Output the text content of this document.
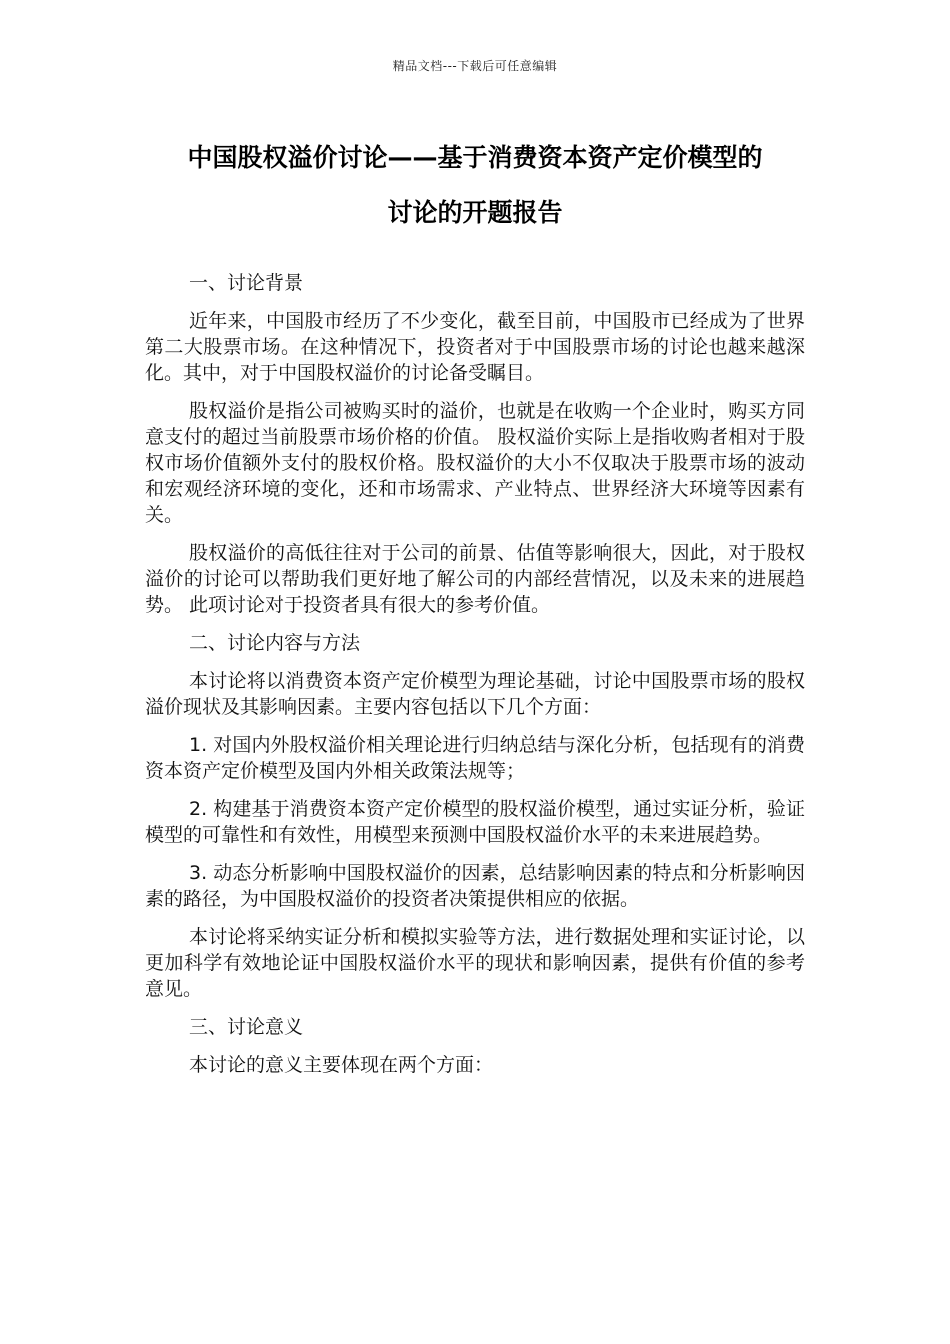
精品文档---下载后可任意编辑
中国股权溢价讨论——基于消费资本资产定价模型的
讨论的开题报告

一、讨论背景

近年来，中国股市经历了不少变化，截至目前，中国股市已经成为了世界第二大股票市场。在这种情况下，投资者对于中国股票市场的讨论也越来越深化。其中，对于中国股权溢价的讨论备受瞩目。

股权溢价是指公司被购买时的溢价，也就是在收购一个企业时，购买方同意支付的超过当前股票市场价格的价值。 股权溢价实际上是指收购者相对于股权市场价值额外支付的股权价格。股权溢价的大小不仅取决于股票市场的波动和宏观经济环境的变化，还和市场需求、产业特点、世界经济大环境等因素有关。

股权溢价的高低往往对于公司的前景、估值等影响很大，因此，对于股权溢价的讨论可以帮助我们更好地了解公司的内部经营情况，以及未来的进展趋势。 此项讨论对于投资者具有很大的参考价值。

二、讨论内容与方法

本讨论将以消费资本资产定价模型为理论基础，讨论中国股票市场的股权溢价现状及其影响因素。主要内容包括以下几个方面：

1. 对国内外股权溢价相关理论进行归纳总结与深化分析，包括现有的消费资本资产定价模型及国内外相关政策法规等；

2. 构建基于消费资本资产定价模型的股权溢价模型，通过实证分析，验证模型的可靠性和有效性，用模型来预测中国股权溢价水平的未来进展趋势。

3. 动态分析影响中国股权溢价的因素，总结影响因素的特点和分析影响因素的路径，为中国股权溢价的投资者决策提供相应的依据。

本讨论将采纳实证分析和模拟实验等方法，进行数据处理和实证讨论，以更加科学有效地论证中国股权溢价水平的现状和影响因素，提供有价值的参考意见。

三、讨论意义

本讨论的意义主要体现在两个方面：
